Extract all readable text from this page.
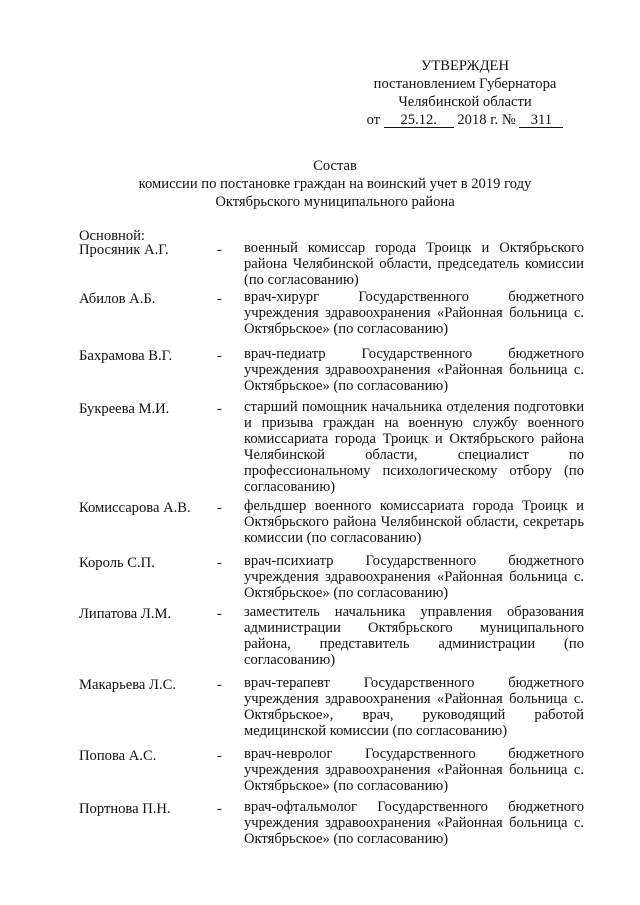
УТВЕРЖДЕН
постановлением Губернатора
Челябинской области
от 25.12. 2018 г. № 311
Состав
комиссии по постановке граждан на воинский учет в 2019 году
Октябрьского муниципального района
Основной:
Просяник А.Г.	- военный комиссар города Троицк и Октябрьского района Челябинской области, председатель комиссии (по согласованию)
Абилов А.Б.	- врач-хирург Государственного бюджетного учреждения здравоохранения «Районная больница с. Октябрьское» (по согласованию)
Бахрамова В.Г.	- врач-педиатр Государственного бюджетного учреждения здравоохранения «Районная больница с. Октябрьское» (по согласованию)
Букреева М.И.	- старший помощник начальника отделения подготовки и призыва граждан на военную службу военного комиссариата города Троицк и Октябрьского района Челябинской области, специалист по профессиональному психологическому отбору (по согласованию)
Комиссарова А.В. - фельдшер военного комиссариата города Троицк и Октябрьского района Челябинской области, секретарь комиссии (по согласованию)
Король С.П.	- врач-психиатр Государственного бюджетного учреждения здравоохранения «Районная больница с. Октябрьское» (по согласованию)
Липатова Л.М.	- заместитель начальника управления образования администрации Октябрьского муниципального района, представитель администрации (по согласованию)
Макарьева Л.С.	- врач-терапевт Государственного бюджетного учреждения здравоохранения «Районная больница с. Октябрьское», врач, руководящий работой медицинской комиссии (по согласованию)
Попова А.С.	- врач-невролог Государственного бюджетного учреждения здравоохранения «Районная больница с. Октябрьское» (по согласованию)
Портнова П.Н.	- врач-офтальмолог Государственного бюджетного учреждения здравоохранения «Районная больница с. Октябрьское» (по согласованию)
